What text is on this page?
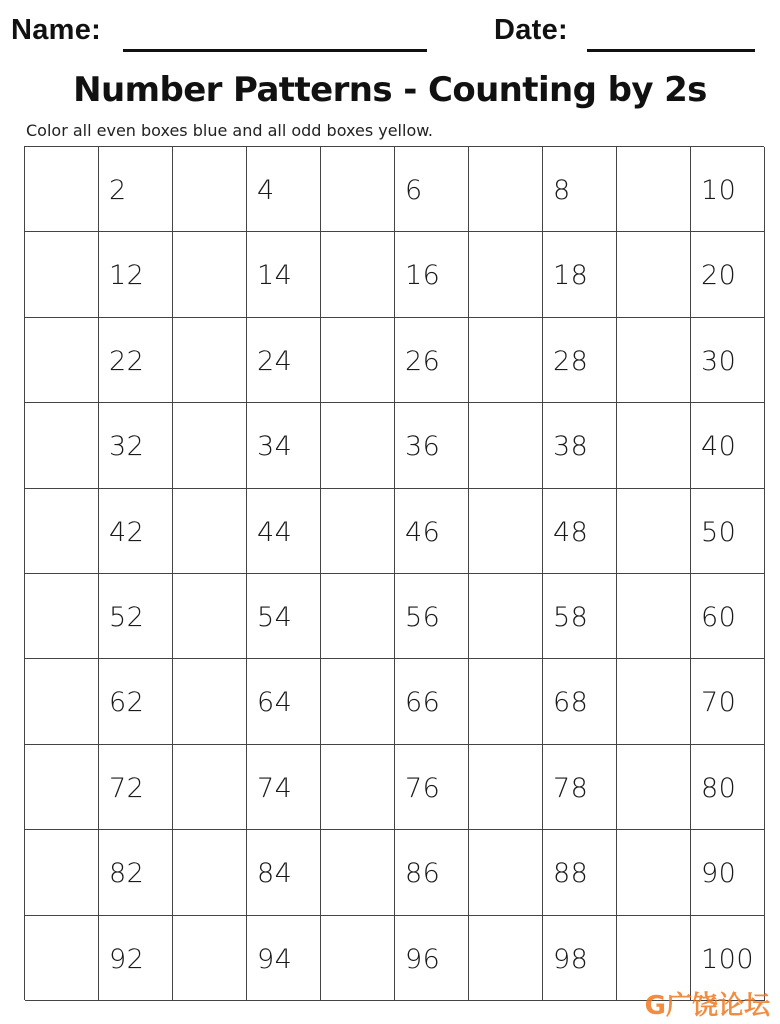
Name:	Date:
Number Patterns - Counting by 2s
Color all even boxes blue and all odd boxes yellow.
2	4	6	8	10
12	14	16	18	20
22	24	26	28	30
32	34	36	38	40
42	44	46	48	50
52	54	56	58	60
62	64	66	68	70
72	74	76	78	80
82	84	86	88	90
92	94	96	98	100
G广饶论坛
